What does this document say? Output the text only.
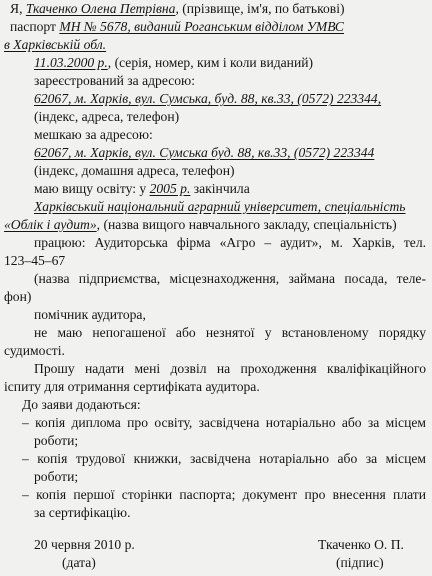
Я, Ткаченко Олена Петрівна, (прізвище, ім'я, по батькові)
паспорт МН № 5678, виданий Роганським відділом УМВС
в Харківській обл.
11.03.2000 р., (серія, номер, ким і коли виданий)
зареєстрований за адресою:
62067, м. Харків, вул. Сумська, буд. 88, кв.33, (0572) 223344,
(індекс, адреса, телефон)
мешкаю за адресою:
62067, м. Харків, вул. Сумська буд. 88, кв.33, (0572) 223344
(індекс, домашня адреса, телефон)
маю вищу освіту: у 2005 р. закінчила
Харківський національний аграрний університет, спеціальність
«Облік і аудит», (назва вищого навчального закладу, спеціальність)
працюю: Аудиторська фірма «Агро – аудит», м. Харків, тел.
123–45–67
(назва підприємства, місцезнаходження, займана посада, теле-
фон)
помічник аудитора,
не маю непогашеної або незнятої у встановленому порядку
судимості.
Прошу надати мені дозвіл на проходження кваліфікаційного
іспиту для отримання сертифіката аудитора.
До заяви додаються:
– копія диплома про освіту, засвідчена нотаріально або за місцем
роботи;
– копія трудової книжки, засвідчена нотаріально або за місцем
роботи;
– копія першої сторінки паспорта; документ про внесення плати
за сертифікацію.
20 червня 2010 р.
(дата)
Ткаченко О. П.
(підпис)
